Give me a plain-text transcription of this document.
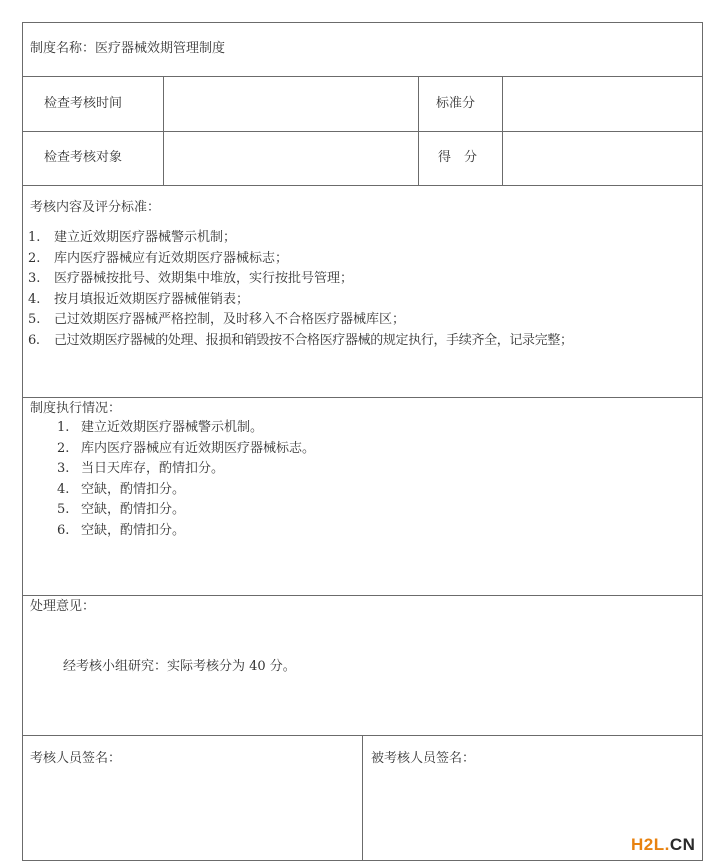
制度名称：医疗器械效期管理制度
检查考核时间	标准分
检查考核对象	得　分
考核内容及评分标准：
1. 建立近效期医疗器械警示机制；
2. 库内医疗器械应有近效期医疗器械标志；
3. 医疗器械按批号、效期集中堆放，实行按批号管理；
4. 按月填报近效期医疗器械催销表；
5. 己过效期医疗器械严格控制，及时移入不合格医疗器械库区；
6. 己过效期医疗器械的处理、报损和销毁按不合格医疗器械的规定执行，手续齐全，记录完整；
制度执行情况：
1. 建立近效期医疗器械警示机制。
2. 库内医疗器械应有近效期医疗器械标志。
3. 当日天库存，酌情扣分。
4. 空缺，酌情扣分。
5. 空缺，酌情扣分。
6. 空缺，酌情扣分。
处理意见：
经考核小组研究：实际考核分为 40 分。
考核人员签名：	被考核人员签名：
H2L.CN
